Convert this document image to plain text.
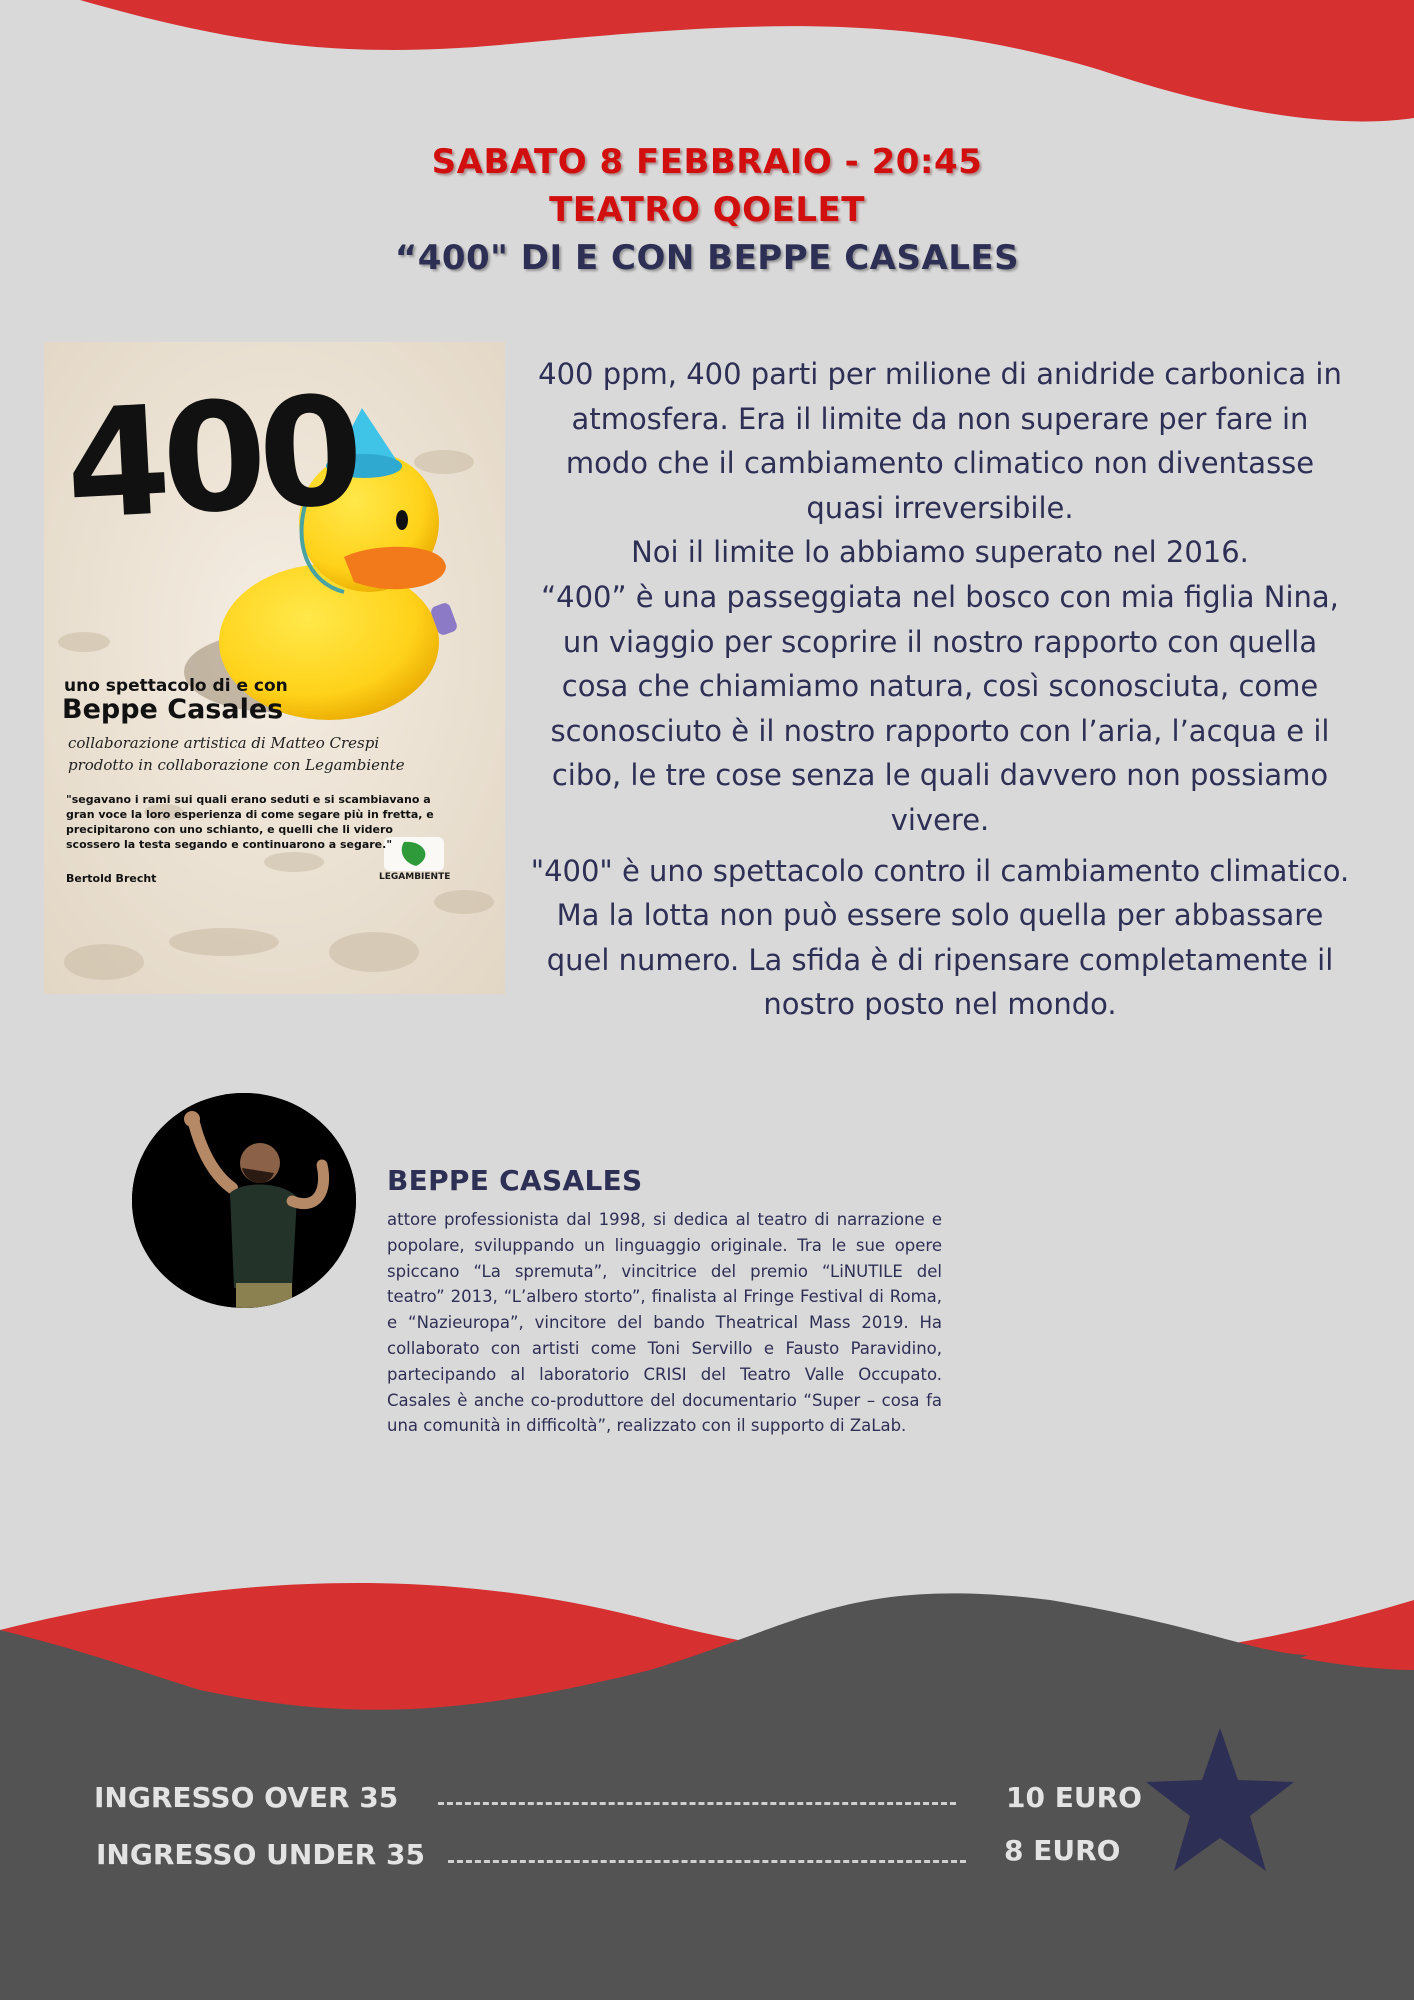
SABATO 8 FEBBRAIO - 20:45
TEATRO QOELET
“400" DI E CON BEPPE CASALES
400
uno spettacolo di e con
Beppe Casales
collaborazione artistica di Matteo Crespi
prodotto in collaborazione con Legambiente
"segavano i rami sui quali erano seduti e si scambiavano a gran voce la loro esperienza di come segare più in fretta, e precipitarono con uno schianto, e quelli che li videro scossero la testa segando e continuarono a segare."
Bertold Brecht	LEGAMBIENTE

400 ppm, 400 parti per milione di anidride carbonica in atmosfera. Era il limite da non superare per fare in modo che il cambiamento climatico non diventasse quasi irreversibile.

Noi il limite lo abbiamo superato nel 2016.

“400” è una passeggiata nel bosco con mia figlia Nina, un viaggio per scoprire il nostro rapporto con quella cosa che chiamiamo natura, così sconosciuta, come sconosciuto è il nostro rapporto con l’aria, l’acqua e il cibo, le tre cose senza le quali davvero non possiamo vivere.

"400" è uno spettacolo contro il cambiamento climatico. Ma la lotta non può essere solo quella per abbassare quel numero. La sfida è di ripensare completamente il nostro posto nel mondo.

BEPPE CASALES
attore professionista dal 1998, si dedica al teatro di narrazione e popolare, sviluppando un linguaggio originale. Tra le sue opere spiccano “La spremuta”, vincitrice del premio “LiNUTILE del teatro” 2013, “L’albero storto”, finalista al Fringe Festival di Roma, e “Nazieuropa”, vincitore del bando Theatrical Mass 2019. Ha collaborato con artisti come Toni Servillo e Fausto Paravidino, partecipando al laboratorio CRISI del Teatro Valle Occupato. Casales è anche co-produttore del documentario “Super – cosa fa una comunità in difficoltà”, realizzato con il supporto di ZaLab.
INGRESSO OVER 35	10 EURO
INGRESSO UNDER 35	8 EURO
